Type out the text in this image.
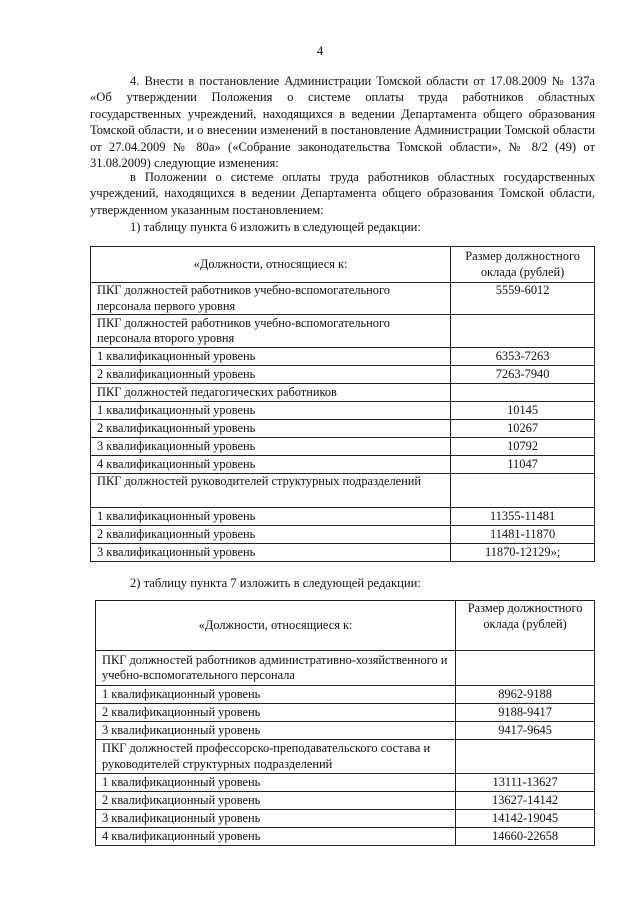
4

4. Внести в постановление Администрации Томской области от 17.08.2009 № 137а «Об утверждении Положения о системе оплаты труда работников областных государственных учреждений, находящихся в ведении Департамента общего образования Томской области, и о внесении изменений в постановление Администрации Томской области от 27.04.2009 № 80а» («Собрание законодательства Томской области», № 8/2 (49) от 31.08.2009) следующие изменения:

в Положении о системе оплаты труда работников областных государственных учреждений, находящихся в ведении Департамента общего образования Томской области, утвержденном указанным постановлением:

1) таблицу пункта 6 изложить в следующей редакции:

«Должности, относящиеся к:	Размер должностного оклада (рублей)
ПКГ должностей работников учебно-вспомогательного персонала первого уровня	5559-6012
ПКГ должностей работников учебно-вспомогательного персонала второго уровня	
1 квалификационный уровень	6353-7263
2 квалификационный уровень	7263-7940
ПКГ должностей педагогических работников	
1 квалификационный уровень	10145
2 квалификационный уровень	10267
3 квалификационный уровень	10792
4 квалификационный уровень	11047
ПКГ должностей руководителей структурных подразделений	
1 квалификационный уровень	11355-11481
2 квалификационный уровень	11481-11870
3 квалификационный уровень	11870-12129»;

2) таблицу пункта 7 изложить в следующей редакции:

«Должности, относящиеся к:	Размер должностного оклада (рублей)
ПКГ должностей работников административно-хозяйственного и учебно-вспомогательного персонала	
1 квалификационный уровень	8962-9188
2 квалификационный уровень	9188-9417
3 квалификационный уровень	9417-9645
ПКГ должностей профессорско-преподавательского состава и руководителей структурных подразделений	
1 квалификационный уровень	13111-13627
2 квалификационный уровень	13627-14142
3 квалификационный уровень	14142-19045
4 квалификационный уровень	14660-22658
